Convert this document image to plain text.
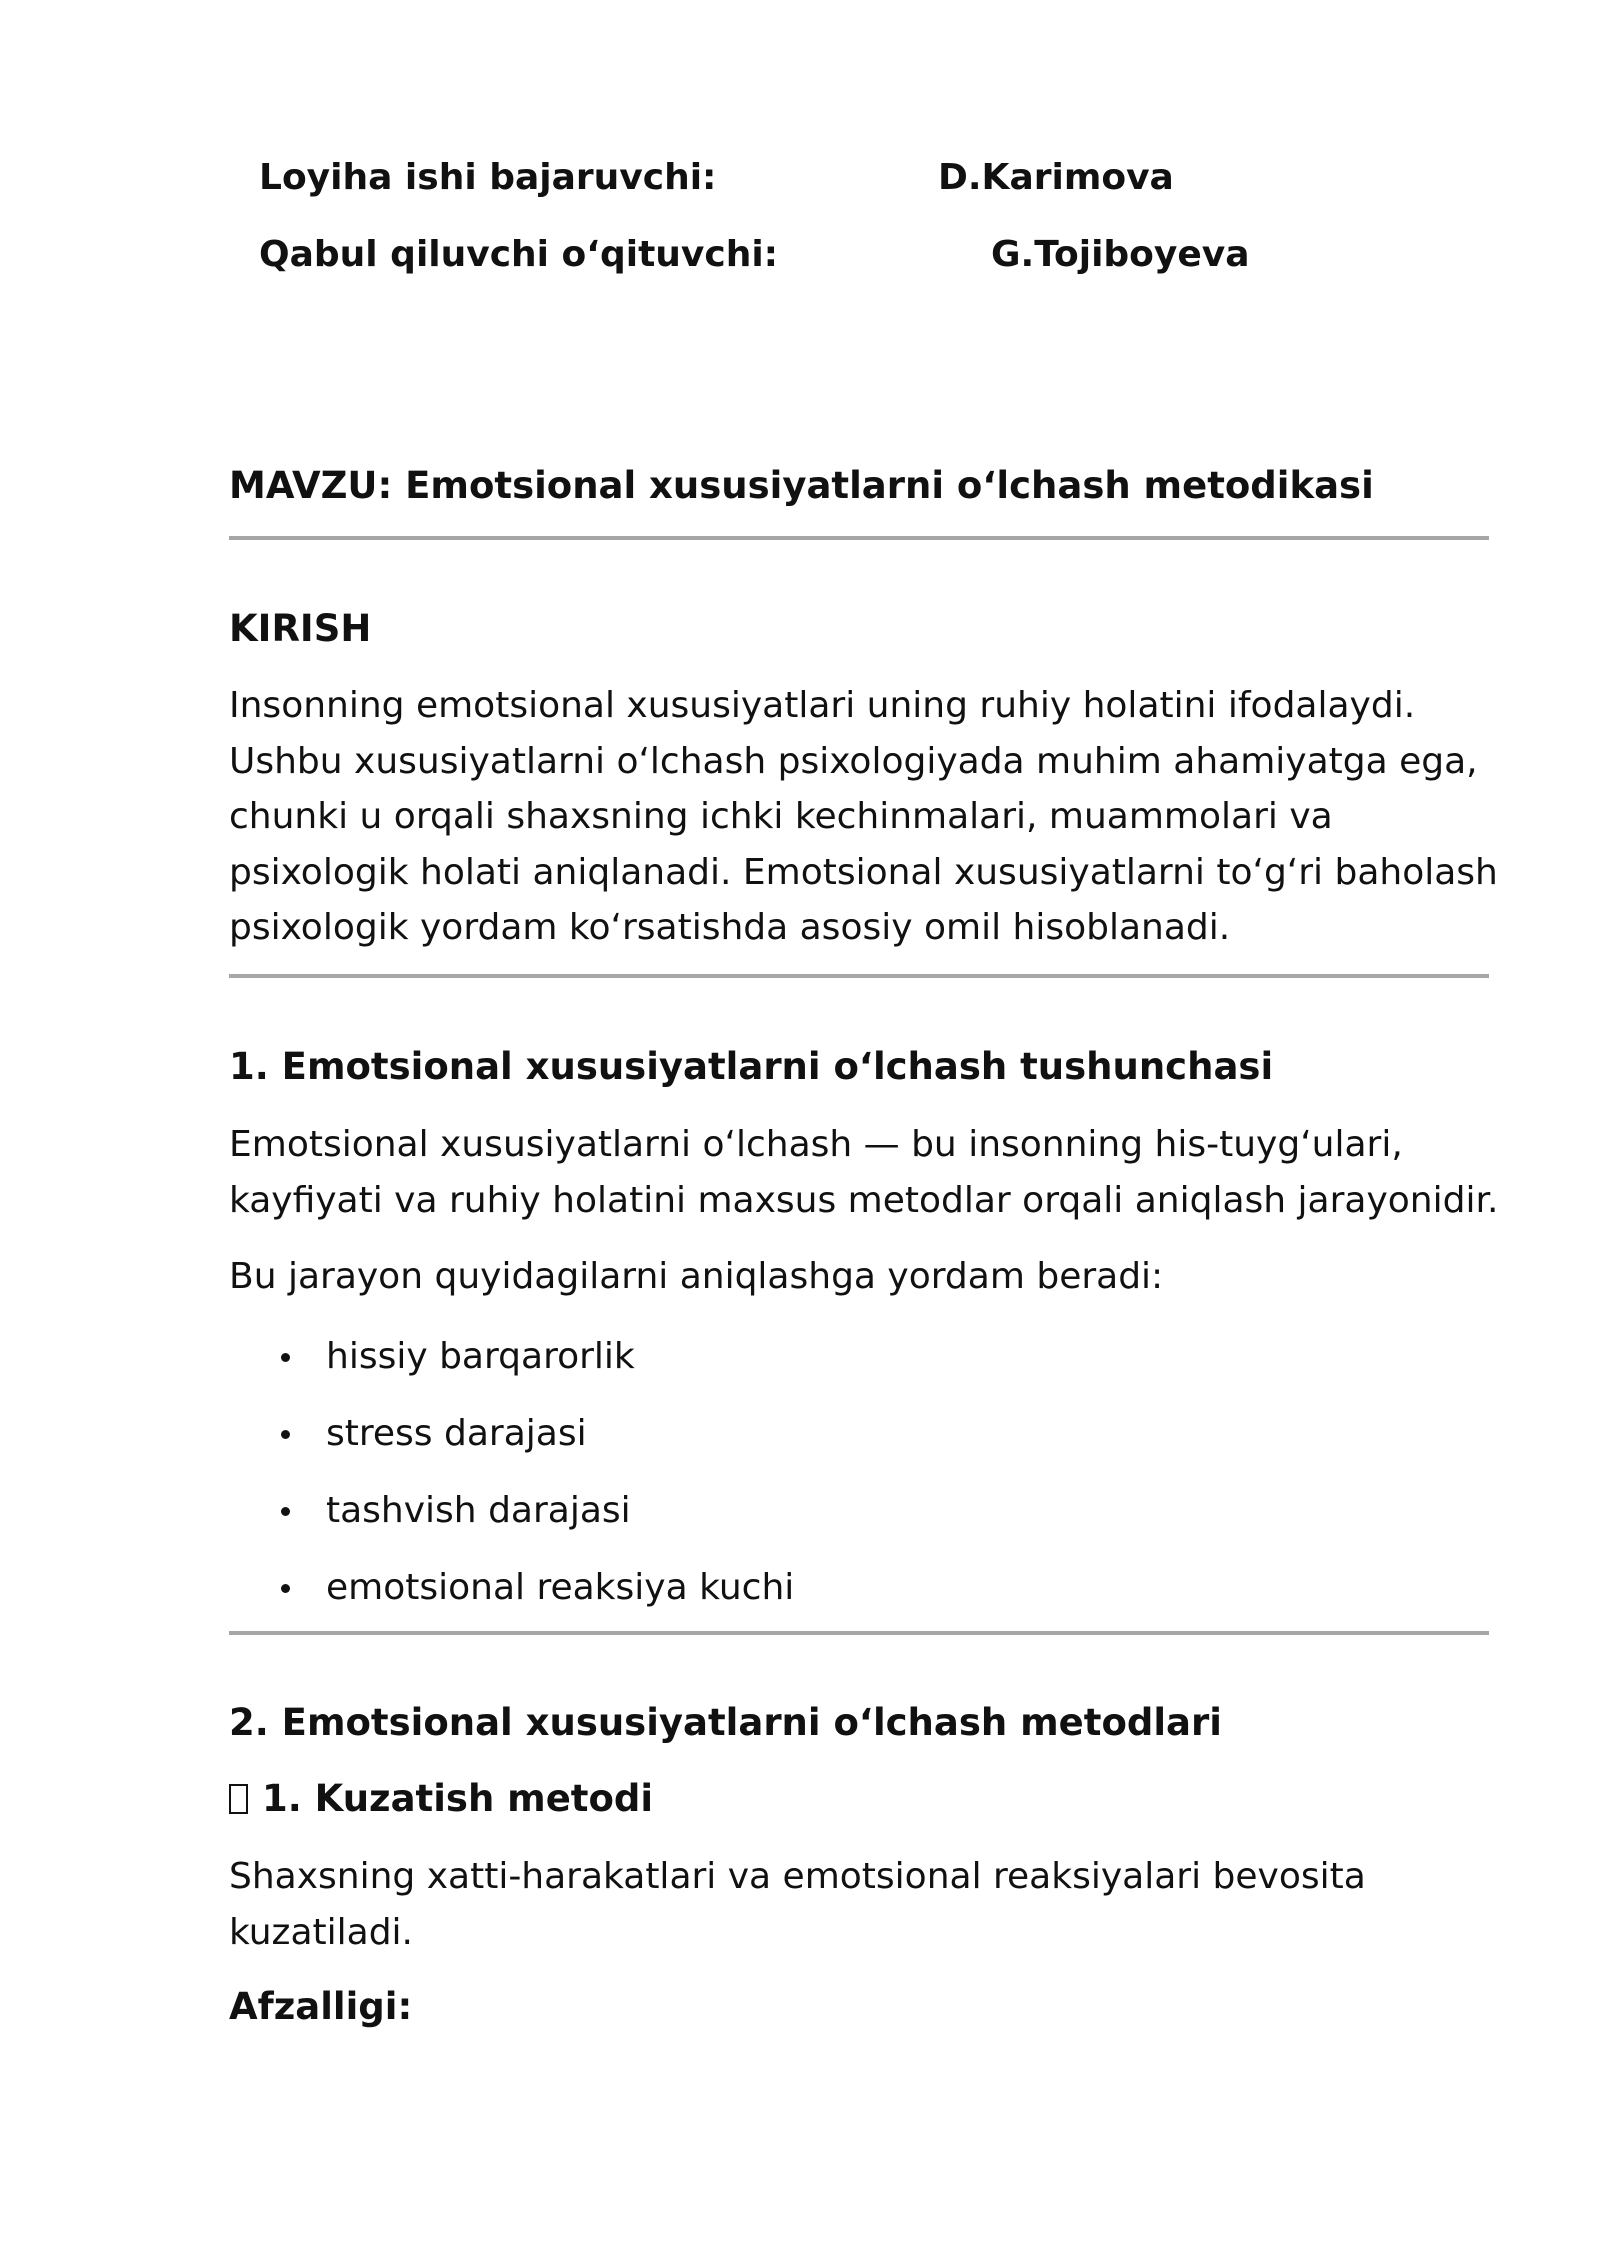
Loyiha ishi bajaruvchi:	D.Karimova
Qabul qiluvchi oʻqituvchi:	G.Tojiboyeva
MAVZU: Emotsional xususiyatlarni oʻlchash metodikasi
KIRISH
Insonning emotsional xususiyatlari uning ruhiy holatini ifodalaydi. Ushbu xususiyatlarni oʻlchash psixologiyada muhim ahamiyatga ega, chunki u orqali shaxsning ichki kechinmalari, muammolari va psixologik holati aniqlanadi. Emotsional xususiyatlarni toʻgʻri baholash psixologik yordam koʻrsatishda asosiy omil hisoblanadi.
1. Emotsional xususiyatlarni oʻlchash tushunchasi
Emotsional xususiyatlarni oʻlchash — bu insonning his-tuygʻulari, kayfiyati va ruhiy holatini maxsus metodlar orqali aniqlash jarayonidir.
Bu jarayon quyidagilarni aniqlashga yordam beradi:
hissiy barqarorlik
stress darajasi
tashvish darajasi
emotsional reaksiya kuchi
2. Emotsional xususiyatlarni oʻlchash metodlari
1. Kuzatish metodi
Shaxsning xatti-harakatlari va emotsional reaksiyalari bevosita kuzatiladi.
Afzalligi:
